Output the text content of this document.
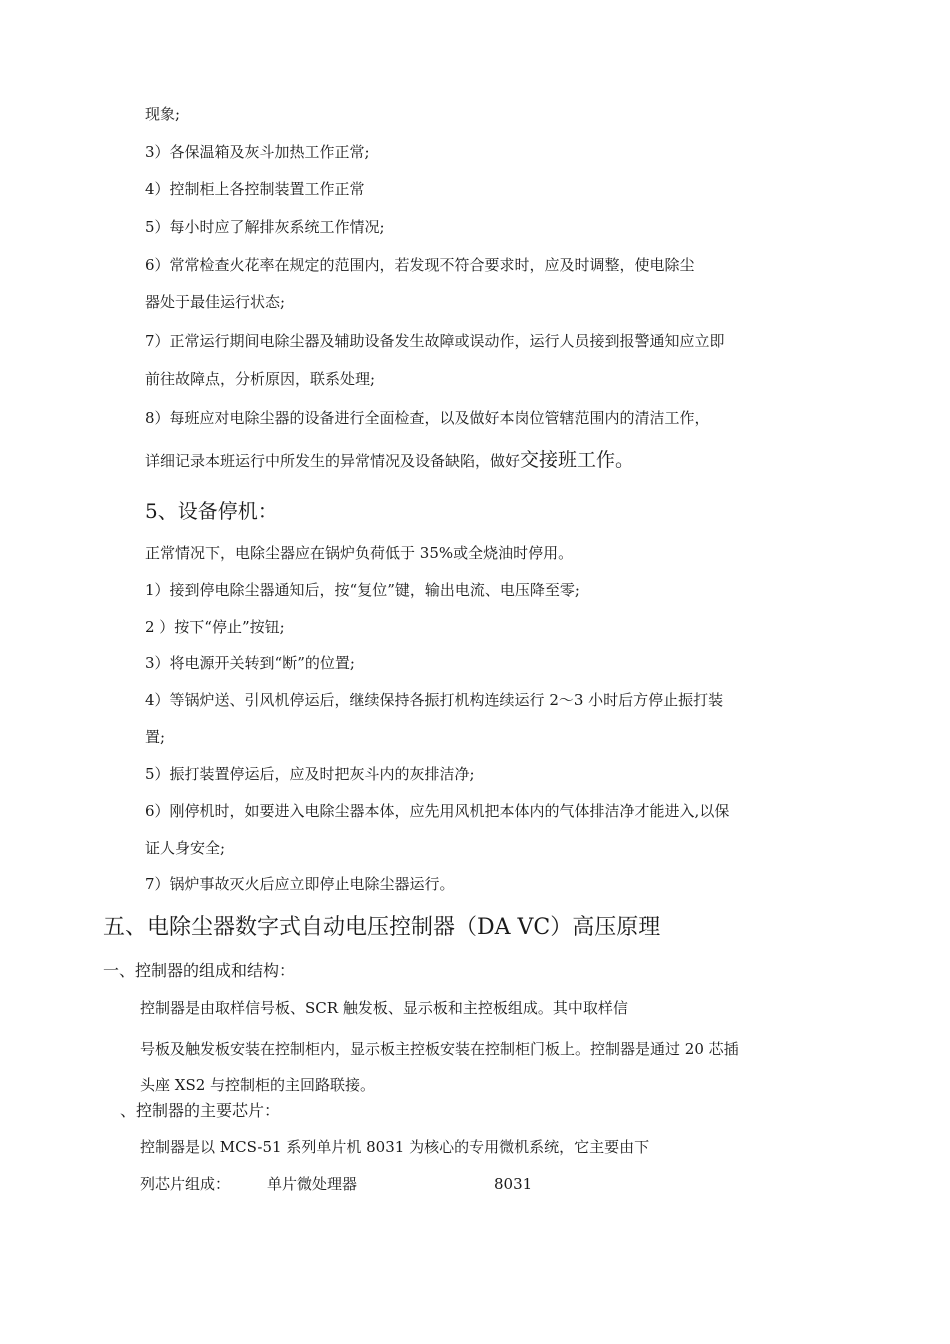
现象;
3）各保温箱及灰斗加热工作正常;
4）控制柜上各控制装置工作正常
5）每小时应了解排灰系统工作情况;
6）常常检查火花率在规定的范围内，若发现不符合要求时，应及时调整，使电除尘
器处于最佳运行状态;
7）正常运行期间电除尘器及辅助设备发生故障或误动作，运行人员接到报警通知应立即
前往故障点，分析原因，联系处理;
8）每班应对电除尘器的设备进行全面检查，以及做好本岗位管辖范围内的清洁工作，
详细记录本班运行中所发生的异常情况及设备缺陷，做好交接班工作。
5、设备停机：
正常情况下，电除尘器应在锅炉负荷低于 35%或全烧油时停用。
1）接到停电除尘器通知后，按“复位”键，输出电流、电压降至零;
2 ）按下“停止”按钮;
3）将电源开关转到“断”的位置;
4）等锅炉送、引风机停运后，继续保持各振打机构连续运行 2～3 小时后方停止振打装
置;
5）振打装置停运后，应及时把灰斗内的灰排洁净;
6）刚停机时，如要进入电除尘器本体，应先用风机把本体内的气体排洁净才能进入,以保
证人身安全;
7）锅炉事故灭火后应立即停止电除尘器运行。
五、电除尘器数字式自动电压控制器（DA VC）高压原理
一、控制器的组成和结构：
控制器是由取样信号板、SCR 触发板、显示板和主控板组成。其中取样信
号板及触发板安装在控制柜内，显示板主控板安装在控制柜门板上。控制器是通过 20 芯插
头座 XS2 与控制柜的主回路联接。
、控制器的主要芯片：
控制器是以 MCS-51 系列单片机 8031 为核心的专用微机系统，它主要由下
列芯片组成： 单片微处理器	8031
